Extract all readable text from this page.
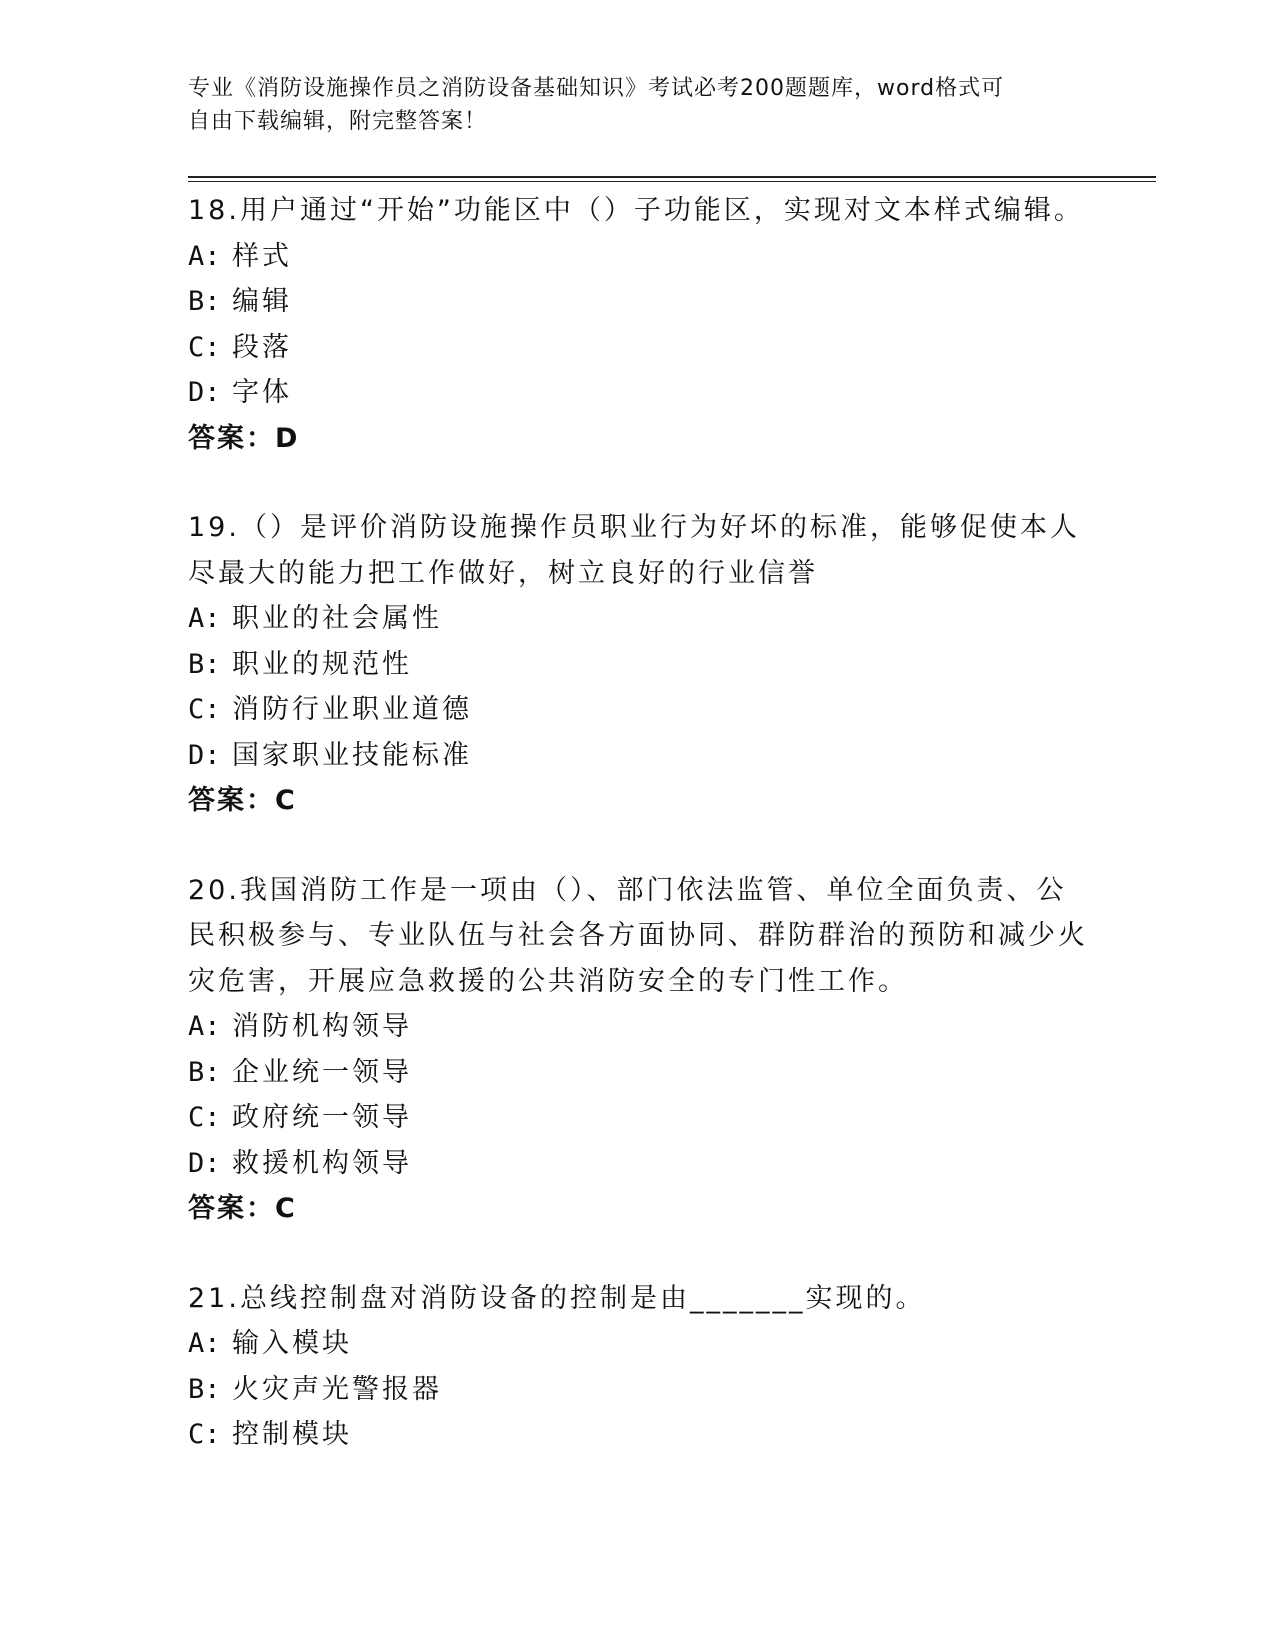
专业《消防设施操作员之消防设备基础知识》考试必考200题题库，word格式可
自由下载编辑，附完整答案！

18.用户通过“开始”功能区中（）子功能区，实现对文本样式编辑。

A: 样式

B: 编辑

C: 段落

D: 字体

答案：D

19.（）是评价消防设施操作员职业行为好坏的标准，能够促使本人尽最大的能力把工作做好，树立良好的行业信誉

A: 职业的社会属性

B: 职业的规范性

C: 消防行业职业道德

D: 国家职业技能标准

答案：C

20.我国消防工作是一项由（）、部门依法监管、单位全面负责、公民积极参与、专业队伍与社会各方面协同、群防群治的预防和减少火灾危害，开展应急救援的公共消防安全的专门性工作。

A: 消防机构领导

B: 企业统一领导

C: 政府统一领导

D: 救援机构领导

答案：C

21.总线控制盘对消防设备的控制是由_______实现的。

A: 输入模块

B: 火灾声光警报器

C: 控制模块
